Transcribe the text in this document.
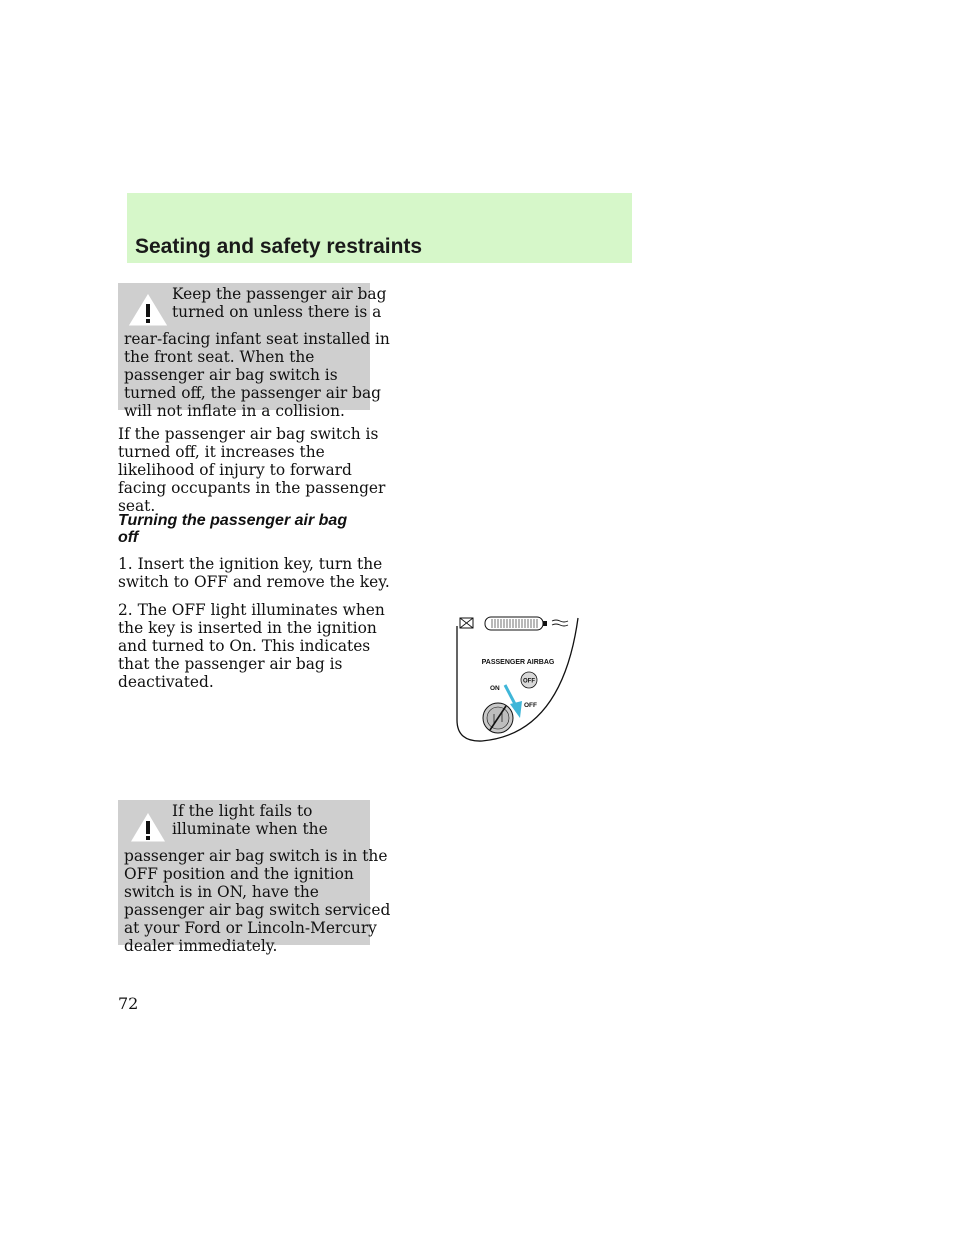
Seating and safety restraints
Keep the passenger air bag
turned on unless there is a
rear-facing infant seat installed in
the front seat. When the
passenger air bag switch is
turned off, the passenger air bag
will not inflate in a collision.
If the passenger air bag switch is
turned off, it increases the
likelihood of injury to forward
facing occupants in the passenger
seat.
Turning the passenger air bag
off
1. Insert the ignition key, turn the
switch to OFF and remove the key.
2. The OFF light illuminates when
the key is inserted in the ignition
and turned to On. This indicates
that the passenger air bag is
deactivated.
PASSENGER AIRBAG
OFF
ON
OFF
If the light fails to
illuminate when the
passenger air bag switch is in the
OFF position and the ignition
switch is in ON, have the
passenger air bag switch serviced
at your Ford or Lincoln-Mercury
dealer immediately.
72
